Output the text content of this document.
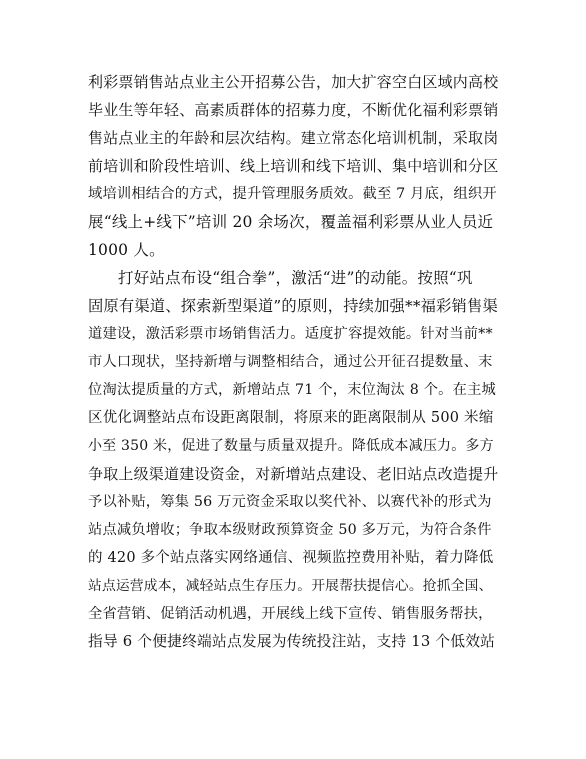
利彩票销售站点业主公开招募公告，加大扩容空白区域内高校
毕业生等年轻、高素质群体的招募力度，不断优化福利彩票销
售站点业主的年龄和层次结构。建立常态化培训机制，采取岗
前培训和阶段性培训、线上培训和线下培训、集中培训和分区
域培训相结合的方式，提升管理服务质效。截至 7 月底，组织开
展“线上+线下”培训 20 余场次，覆盖福利彩票从业人员近
1000 人。
打好站点布设“组合拳”，激活“进”的动能。按照“巩
固原有渠道、探索新型渠道”的原则，持续加强**福彩销售渠
道建设，激活彩票市场销售活力。适度扩容提效能。针对当前**
市人口现状，坚持新增与调整相结合，通过公开征召提数量、末
位淘汰提质量的方式，新增站点 71 个，末位淘汰 8 个。在主城
区优化调整站点布设距离限制，将原来的距离限制从 500 米缩
小至 350 米，促进了数量与质量双提升。降低成本减压力。多方
争取上级渠道建设资金，对新增站点建设、老旧站点改造提升
予以补贴，筹集 56 万元资金采取以奖代补、以赛代补的形式为
站点减负增收；争取本级财政预算资金 50 多万元，为符合条件
的 420 多个站点落实网络通信、视频监控费用补贴，着力降低
站点运营成本，减轻站点生存压力。开展帮扶提信心。抢抓全国、
全省营销、促销活动机遇，开展线上线下宣传、销售服务帮扶，
指导 6 个便捷终端站点发展为传统投注站，支持 13 个低效站
